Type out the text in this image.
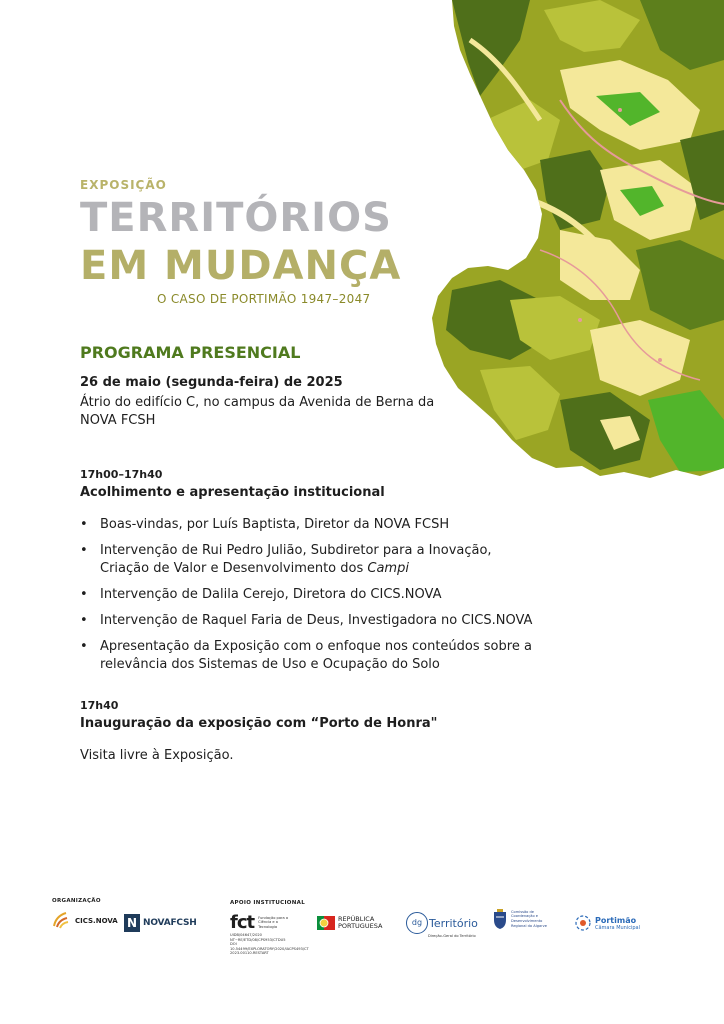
EXPOSIÇÃO
TERRITÓRIOS
EM MUDANÇA
O CASO DE PORTIMÃO 1947–2047
PROGRAMA PRESENCIAL
26 de maio (segunda-feira) de 2025
Átrio do edifício C, no campus da Avenida de Berna da NOVA FCSH
17h00–17h40
Acolhimento e apresentação institucional
• Boas-vindas, por Luís Baptista, Diretor da NOVA FCSH
• Intervenção de Rui Pedro Julião, Subdiretor para a Inovação, Criação de Valor e Desenvolvimento dos Campi
• Intervenção de Dalila Cerejo, Diretora do CICS.NOVA
• Intervenção de Raquel Faria de Deus, Investigadora no CICS.NOVA
• Apresentação da Exposição com o enfoque nos conteúdos sobre a relevância dos Sistemas de Uso e Ocupação do Solo
17h40
Inauguração da exposição com “Porto de Honra"
Visita livre à Exposição.
ORGANIZAÇÃO
CICS.NOVA N NOVAFCSH
APOIO INSTITUCIONAL
fct Fundação para a Ciência e a Tecnologia
UIDB/04647/2020
NT~RE/ETD/08/CPS953/CTDU5
DOI 10.54499/EXPLORATORY/2020/IACPS493/CT
2023.00110.RESTART
REPÚBLICA
PORTUGUESA	dg Território
Direção-Geral do Território
Comissão de Coordenação e Desenvolvimento Regional do Algarve
Portimão
Câmara Municipal
